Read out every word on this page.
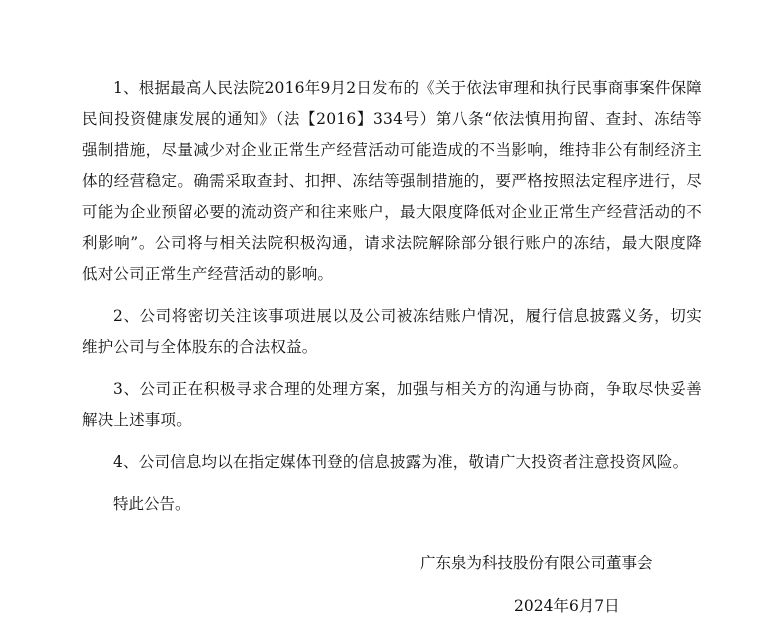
1、根据最高人民法院2016年9月2日发布的《关于依法审理和执行民事商事案件保障民间投资健康发展的通知》（法【2016】334号）第八条“依法慎用拘留、查封、冻结等强制措施，尽量减少对企业正常生产经营活动可能造成的不当影响，维持非公有制经济主体的经营稳定。确需采取查封、扣押、冻结等强制措施的，要严格按照法定程序进行，尽可能为企业预留必要的流动资产和往来账户，最大限度降低对企业正常生产经营活动的不利影响”。公司将与相关法院积极沟通，请求法院解除部分银行账户的冻结，最大限度降低对公司正常生产经营活动的影响。

2、公司将密切关注该事项进展以及公司被冻结账户情况，履行信息披露义务，切实维护公司与全体股东的合法权益。

3、公司正在积极寻求合理的处理方案，加强与相关方的沟通与协商，争取尽快妥善解决上述事项。

4、公司信息均以在指定媒体刊登的信息披露为准，敬请广大投资者注意投资风险。

特此公告。

广东泉为科技股份有限公司董事会
2024年6月7日
